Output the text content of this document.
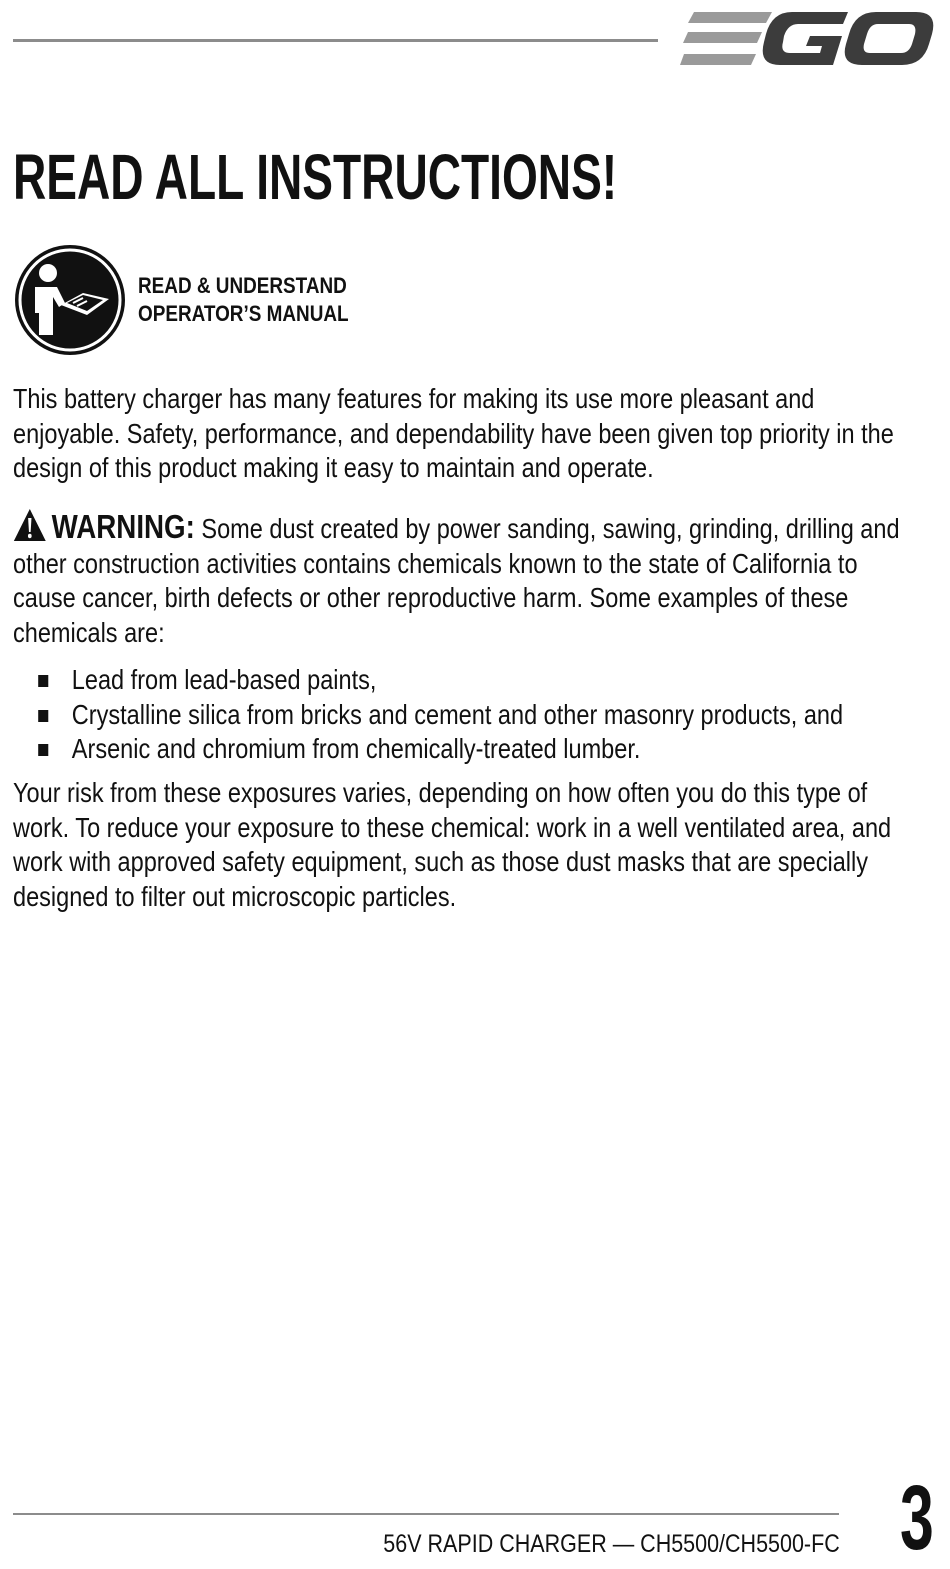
READ ALL INSTRUCTIONS!
READ & UNDERSTAND
OPERATOR’S MANUAL

This battery charger has many features for making its use more pleasant and enjoyable. Safety, performance, and dependability have been given top priority in the design of this product making it easy to maintain and operate.

WARNING: Some dust created by power sanding, sawing, grinding, drilling and other construction activities contains chemicals known to the state of California to cause cancer, birth defects or other reproductive harm. Some examples of these chemicals are:

Lead from lead-based paints,
Crystalline silica from bricks and cement and other masonry products, and
Arsenic and chromium from chemically-treated lumber.

Your risk from these exposures varies, depending on how often you do this type of work. To reduce your exposure to these chemical: work in a well ventilated area, and work with approved safety equipment, such as those dust masks that are specially designed to filter out microscopic particles.

56V RAPID CHARGER — CH5500/CH5500-FC 3
